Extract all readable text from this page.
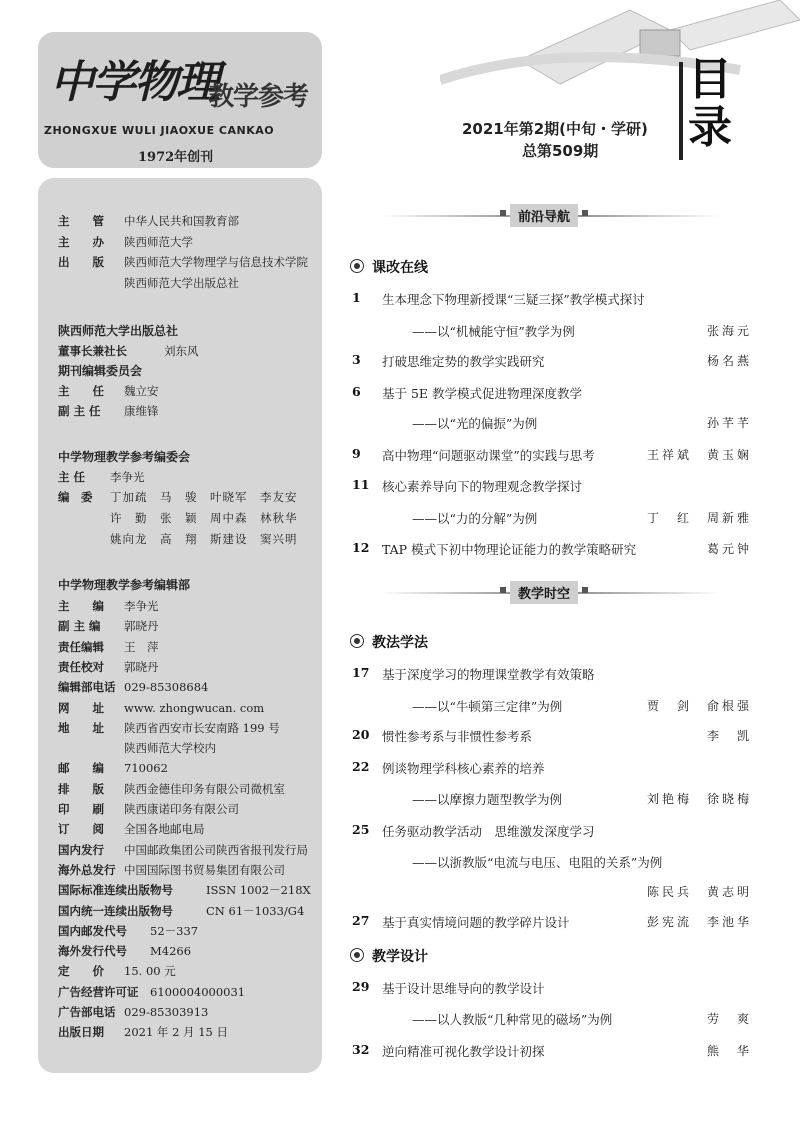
中学物理
教学参考
ZHONGXUE WULI JIAOXUE CANKAO
1972年创刊
2021年第2期(中旬・学研)
总第509期
目录
主　　管 中华人民共和国教育部
主　　办 陕西师范大学
出　　版 陕西师范大学物理学与信息技术学院
陕西师范大学出版总社
陕西师范大学出版总社
董事长兼社长	刘东风
期刊编辑委员会
主　　任 魏立安
副 主 任 康维锋
中学物理教学参考编委会
主 任 李争光
编　委 丁加疏　马　骏　叶晓军　李友安
许　勤　张　颖　周中森　林秋华
姚向龙　高　翔　斯建设　窦兴明
中学物理教学参考编辑部
主　　编 李争光
副 主 编 郭晓丹
责任编辑 王　萍
责任校对 郭晓丹
编辑部电话 029-85308684
网　　址 www. zhongwucan. com
地　　址 陕西省西安市长安南路 199 号
陕西师范大学校内
邮　　编 710062
排　　版 陕西金德佳印务有限公司微机室
印　　刷 陕西康诺印务有限公司
订　　阅 全国各地邮电局
国内发行 中国邮政集团公司陕西省报刊发行局
海外总发行 中国国际图书贸易集团有限公司
国际标准连续出版物号	ISSN 1002－218X
国内统一连续出版物号	CN 61－1033/G4
国内邮发代号 52－337
海外发行代号 M4266
定　　价 15. 00 元
广告经营许可证 6100004000031
广告部电话 029-85303913
出版日期 2021 年 2 月 15 日
前沿导航
课改在线
1 生本理念下物理新授课“三疑三探”教学模式探讨
——以“机械能守恒”教学为例	张海元
3 打破思维定势的教学实践研究	杨名燕
6 基于 5E 教学模式促进物理深度教学
——以“光的偏振”为例	孙芊芊
9 高中物理“问题驱动课堂”的实践与思考	王祥斌　黄玉娴
11 核心素养导向下的物理观念教学探讨
——以“力的分解”为例	丁　红　周新雅
12 TAP 模式下初中物理论证能力的教学策略研究	葛元钟
教学时空
教法学法
17 基于深度学习的物理课堂教学有效策略
——以“牛顿第三定律”为例	贾　剑　俞根强
20 惯性参考系与非惯性参考系	李　凯
22 例谈物理学科核心素养的培养
——以摩擦力题型教学为例	刘艳梅　徐晓梅
25 任务驱动教学活动　思维激发深度学习
——以浙教版“电流与电压、电阻的关系”为例
陈民兵　黄志明
27 基于真实情境问题的教学碎片设计	彭宪流　李池华
教学设计
29 基于设计思维导向的教学设计
——以人教版“几种常见的磁场”为例	劳　爽
32 逆向精准可视化教学设计初探	熊　华
